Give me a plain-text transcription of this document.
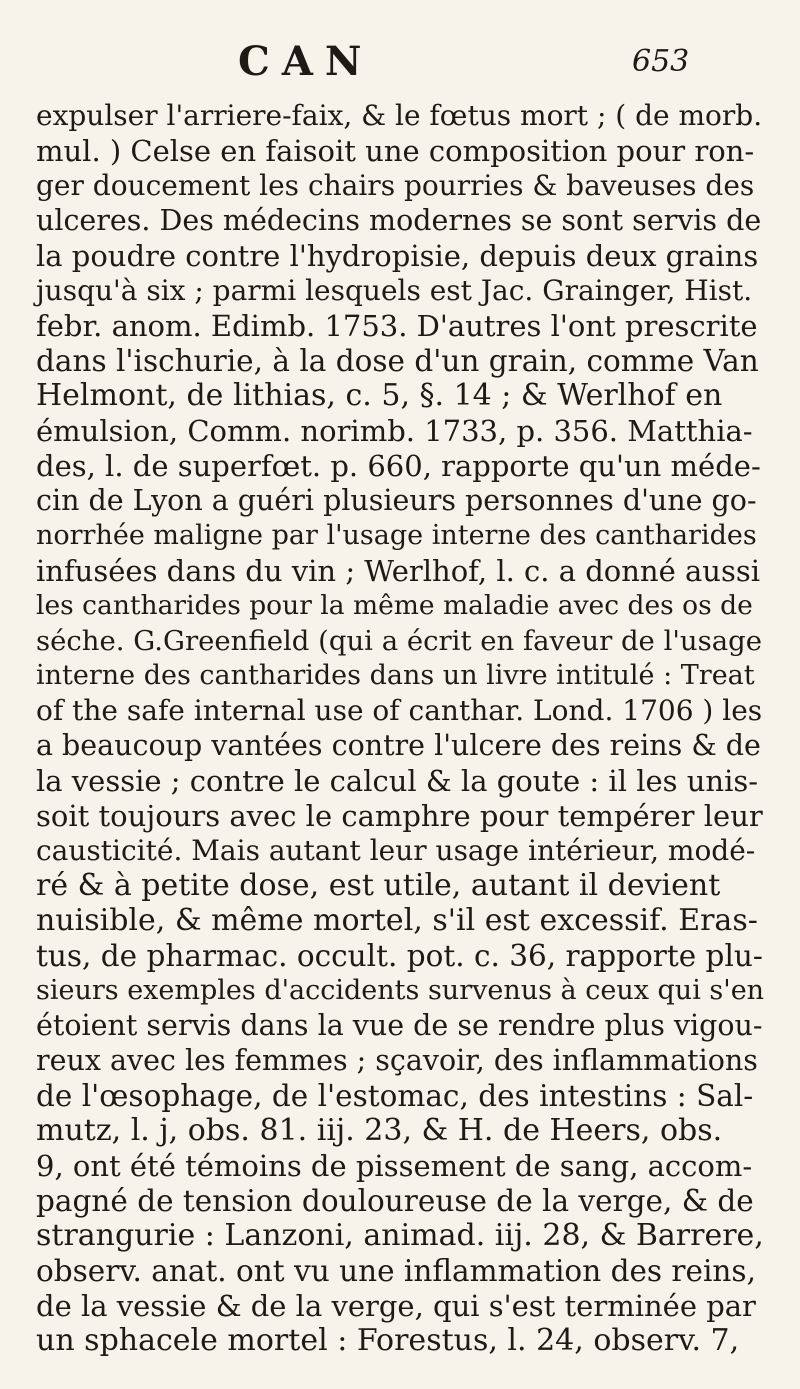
CAN	653
expulser l'arriere-faix, & le fœtus mort ; ( de morb.
mul. ) Celse en faisoit une composition pour ron-
ger doucement les chairs pourries & baveuses des
ulceres. Des médecins modernes se sont servis de
la poudre contre l'hydropisie, depuis deux grains
jusqu'à six ; parmi lesquels est Jac. Grainger, Hist.
febr. anom. Edimb. 1753. D'autres l'ont prescrite
dans l'ischurie, à la dose d'un grain, comme Van
Helmont, de lithias, c. 5, §. 14 ; & Werlhof en
émulsion, Comm. norimb. 1733, p. 356. Matthia-
des, l. de superfœt. p. 660, rapporte qu'un méde-
cin de Lyon a guéri plusieurs personnes d'une go-
norrhée maligne par l'usage interne des cantharides
infusées dans du vin ; Werlhof, l. c. a donné aussi
les cantharides pour la même maladie avec des os de
séche. G.Greenfield (qui a écrit en faveur de l'usage
interne des cantharides dans un livre intitulé : Treat
of the safe internal use of canthar. Lond. 1706 ) les
a beaucoup vantées contre l'ulcere des reins & de
la vessie ; contre le calcul & la goute : il les unis-
soit toujours avec le camphre pour tempérer leur
causticité. Mais autant leur usage intérieur, modé-
ré & à petite dose, est utile, autant il devient
nuisible, & même mortel, s'il est excessif. Eras-
tus, de pharmac. occult. pot. c. 36, rapporte plu-
sieurs exemples d'accidents survenus à ceux qui s'en
étoient servis dans la vue de se rendre plus vigou-
reux avec les femmes ; sçavoir, des inflammations
de l'œsophage, de l'estomac, des intestins : Sal-
mutz, l. j, obs. 81. iij. 23, & H. de Heers, obs.
9, ont été témoins de pissement de sang, accom-
pagné de tension douloureuse de la verge, & de
strangurie : Lanzoni, animad. iij. 28, & Barrere,
observ. anat. ont vu une inflammation des reins,
de la vessie & de la verge, qui s'est terminée par
un sphacele mortel : Forestus, l. 24, observ. 7,
